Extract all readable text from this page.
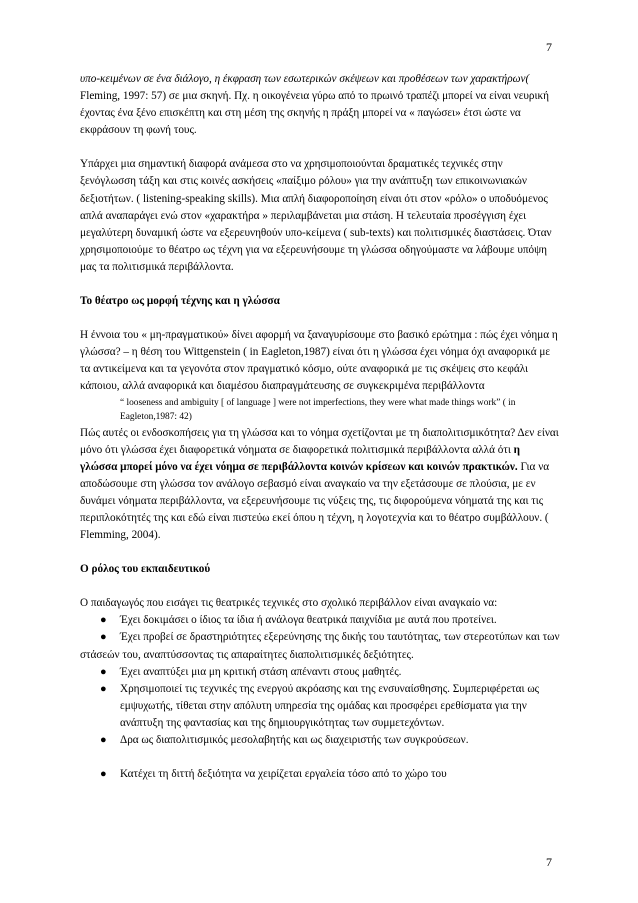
7

υπο-κειμένων σε ένα διάλογο, η έκφραση των εσωτερικών σκέψεων και προθέσεων των χαρακτήρων( Fleming, 1997: 57) σε μια σκηνή. Πχ. η οικογένεια γύρω από το πρωινό τραπέζι μπορεί να είναι νευρική έχοντας ένα ξένο επισκέπτη και στη μέση της σκηνής η πράξη μπορεί να « παγώσει» έτσι ώστε να εκφράσουν τη φωνή τους.

Υπάρχει μια σημαντική διαφορά ανάμεσα στο να χρησιμοποιούνται δραματικές τεχνικές στην ξενόγλωσση τάξη και στις κοινές ασκήσεις «παίξιμο ρόλου» για την ανάπτυξη των επικοινωνιακών δεξιοτήτων. ( listening-speaking skills). Μια απλή διαφοροποίηση είναι ότι στον «ρόλο» ο υποδυόμενος απλά αναπαράγει ενώ στον «χαρακτήρα » περιλαμβάνεται μια στάση. Η τελευταία προσέγγιση έχει μεγαλύτερη δυναμική ώστε να εξερευνηθούν υπο-κείμενα ( sub-texts) και πολιτισμικές διαστάσεις. Όταν χρησιμοποιούμε το θέατρο ως τέχνη για να εξερευνήσουμε τη γλώσσα οδηγούμαστε να λάβουμε υπόψη μας τα πολιτισμικά περιβάλλοντα.

Το θέατρο ως μορφή τέχνης και η γλώσσα

Η έννοια του « μη-πραγματικού» δίνει αφορμή να ξαναγυρίσουμε στο βασικό ερώτημα : πώς έχει νόημα η γλώσσα? – η θέση του Wittgenstein ( in Eagleton,1987) είναι ότι η γλώσσα έχει νόημα όχι αναφορικά με τα αντικείμενα και τα γεγονότα στον πραγματικό κόσμο, ούτε αναφορικά με τις σκέψεις στο κεφάλι κάποιου, αλλά αναφορικά και διαμέσου διαπραγμάτευσης σε συγκεκριμένα περιβάλλοντα

“ looseness and ambiguity [ of language ] were not imperfections, they were what made things work” ( in Eagleton,1987: 42)

Πώς αυτές οι ενδοσκοπήσεις για τη γλώσσα και το νόημα σχετίζονται με τη διαπολιτισμικότητα? Δεν είναι μόνο ότι γλώσσα έχει διαφορετικά νόηματα σε διαφορετικά πολιτισμικά περιβάλλοντα αλλά ότι η γλώσσα μπορεί μόνο να έχει νόημα σε περιβάλλοντα κοινών κρίσεων και κοινών πρακτικών. Για να αποδώσουμε στη γλώσσα τον ανάλογο σεβασμό είναι αναγκαίο να την εξετάσουμε σε πλούσια, με εν δυνάμει νόηματα περιβάλλοντα, να εξερευνήσουμε τις νύξεις της, τις διφορούμενα νόηματά της και τις περιπλοκότητές της και εδώ είναι πιστεύω εκεί όπου η τέχνη, η λογοτεχνία και το θέατρο συμβάλλουν. ( Flemming, 2004).

Ο ρόλος του εκπαιδευτικού

Ο παιδαγωγός που εισάγει τις θεατρικές τεχνικές στο σχολικό περιβάλλον είναι αναγκαίο να:

● Έχει δοκιμάσει ο ίδιος τα ίδια ή ανάλογα θεατρικά παιχνίδια με αυτά που προτείνει.
● Έχει προβεί σε δραστηριότητες εξερεύνησης της δικής του ταυτότητας, των στερεοτύπων και των στάσεών του, αναπτύσσοντας τις απαραίτητες διαπολιτισμικές δεξιότητες.
● Έχει αναπτύξει μια μη κριτική στάση απέναντι στους μαθητές.
● Χρησιμοποιεί τις τεχνικές της ενεργού ακρόασης και της ενσυναίσθησης. Συμπεριφέρεται ως εμψυχωτής, τίθεται στην απόλυτη υπηρεσία της ομάδας και προσφέρει ερεθίσματα για την ανάπτυξη της φαντασίας και της δημιουργικότητας των συμμετεχόντων.
● Δρα ως διαπολιτισμικός μεσολαβητής και ως διαχειριστής των συγκρούσεων.
● Κατέχει τη διττή δεξιότητα να χειρίζεται εργαλεία τόσο από το χώρο του
7
